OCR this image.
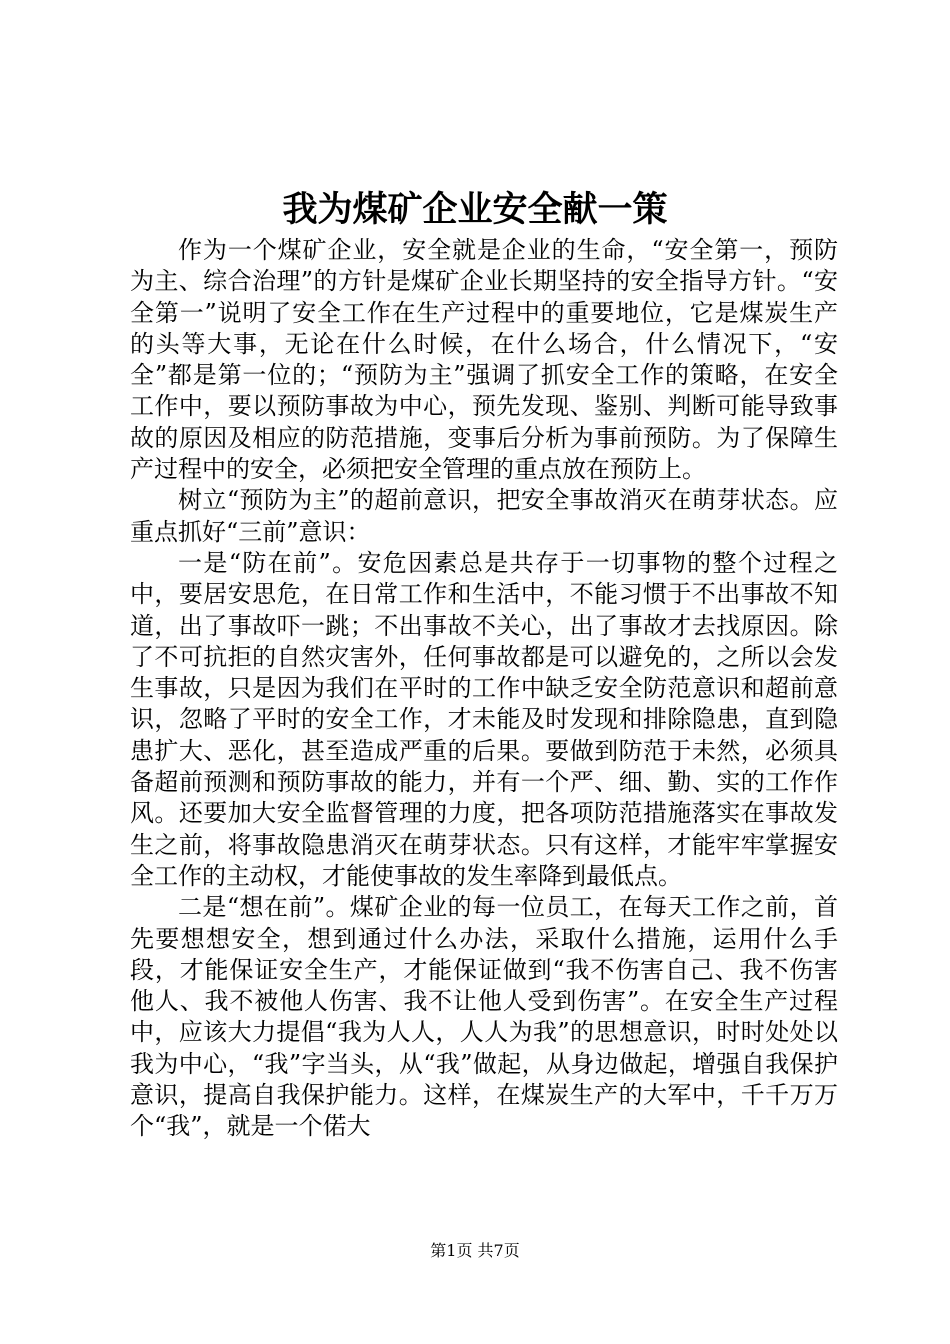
我为煤矿企业安全献一策

作为一个煤矿企业，安全就是企业的生命，“安全第一，预防为主、综合治理”的方针是煤矿企业长期坚持的安全指导方针。“安全第一”说明了安全工作在生产过程中的重要地位，它是煤炭生产的头等大事，无论在什么时候，在什么场合，什么情况下，“安全”都是第一位的；“预防为主”强调了抓安全工作的策略，在安全工作中，要以预防事故为中心，预先发现、鉴别、判断可能导致事故的原因及相应的防范措施，变事后分析为事前预防。为了保障生产过程中的安全，必须把安全管理的重点放在预防上。

树立“预防为主”的超前意识，把安全事故消灭在萌芽状态。应重点抓好“三前”意识：

一是“防在前”。安危因素总是共存于一切事物的整个过程之中，要居安思危，在日常工作和生活中，不能习惯于不出事故不知道，出了事故吓一跳；不出事故不关心，出了事故才去找原因。除了不可抗拒的自然灾害外，任何事故都是可以避免的，之所以会发生事故，只是因为我们在平时的工作中缺乏安全防范意识和超前意识，忽略了平时的安全工作，才未能及时发现和排除隐患，直到隐患扩大、恶化，甚至造成严重的后果。要做到防范于未然，必须具备超前预测和预防事故的能力，并有一个严、细、勤、实的工作作风。还要加大安全监督管理的力度，把各项防范措施落实在事故发生之前，将事故隐患消灭在萌芽状态。只有这样，才能牢牢掌握安全工作的主动权，才能使事故的发生率降到最低点。

二是“想在前”。煤矿企业的每一位员工，在每天工作之前，首先要想想安全，想到通过什么办法，采取什么措施，运用什么手段，才能保证安全生产，才能保证做到“我不伤害自己、我不伤害他人、我不被他人伤害、我不让他人受到伤害”。在安全生产过程中，应该大力提倡“我为人人，人人为我”的思想意识，时时处处以我为中心，“我”字当头，从“我”做起，从身边做起，增强自我保护意识，提高自我保护能力。这样，在煤炭生产的大军中，千千万万个“我”，就是一个偌大

第1页 共7页
